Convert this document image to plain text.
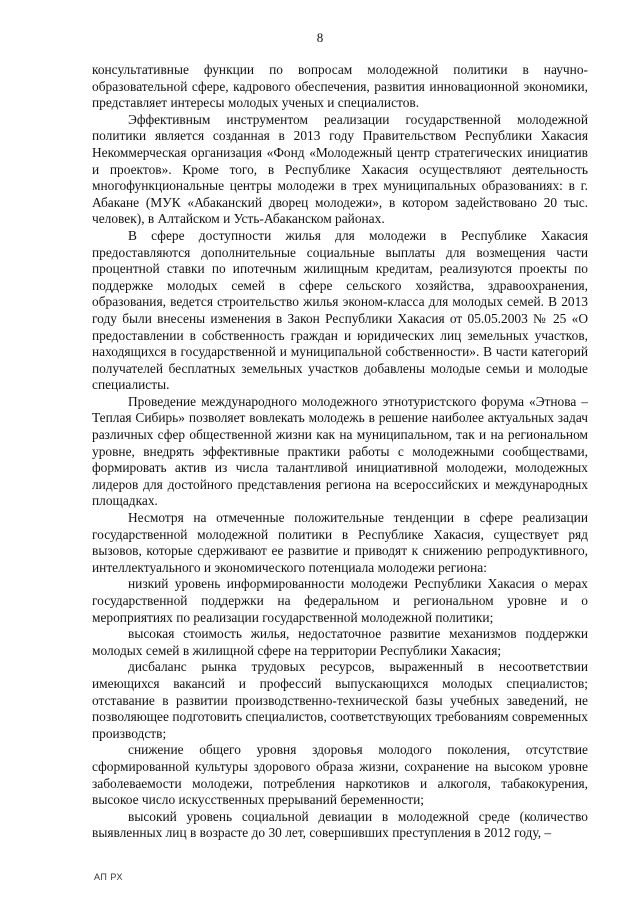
8

консультативные функции по вопросам молодежной политики в научно-образовательной сфере, кадрового обеспечения, развития инновационной экономики, представляет интересы молодых ученых и специалистов.

Эффективным инструментом реализации государственной молодежной политики является созданная в 2013 году Правительством Республики Хакасия Некоммерческая организация «Фонд «Молодежный центр стратегических инициатив и проектов». Кроме того, в Республике Хакасия осуществляют деятельность многофункциональные центры молодежи в трех муниципальных образованиях: в г. Абакане (МУК «Абаканский дворец молодежи», в котором задействовано 20 тыс. человек), в Алтайском и Усть-Абаканском районах.

В сфере доступности жилья для молодежи в Республике Хакасия предоставляются дополнительные социальные выплаты для возмещения части процентной ставки по ипотечным жилищным кредитам, реализуются проекты по поддержке молодых семей в сфере сельского хозяйства, здравоохранения, образования, ведется строительство жилья эконом-класса для молодых семей. В 2013 году были внесены изменения в Закон Республики Хакасия от 05.05.2003 № 25 «О предоставлении в собственность граждан и юридических лиц земельных участков, находящихся в государственной и муниципальной собственности». В части категорий получателей бесплатных земельных участков добавлены молодые семьи и молодые специалисты.

Проведение международного молодежного этнотуристского форума «Этнова – Теплая Сибирь» позволяет вовлекать молодежь в решение наиболее актуальных задач различных сфер общественной жизни как на муниципальном, так и на региональном уровне, внедрять эффективные практики работы с молодежными сообществами, формировать актив из числа талантливой инициативной молодежи, молодежных лидеров для достойного представления региона на всероссийских и международных площадках.

Несмотря на отмеченные положительные тенденции в сфере реализации государственной молодежной политики в Республике Хакасия, существует ряд вызовов, которые сдерживают ее развитие и приводят к снижению репродуктивного, интеллектуального и экономического потенциала молодежи региона:

низкий уровень информированности молодежи Республики Хакасия о мерах государственной поддержки на федеральном и региональном уровне и о мероприятиях по реализации государственной молодежной политики;

высокая стоимость жилья, недостаточное развитие механизмов поддержки молодых семей в жилищной сфере на территории Республики Хакасия;

дисбаланс рынка трудовых ресурсов, выраженный в несоответствии имеющихся вакансий и профессий выпускающихся молодых специалистов; отставание в развитии производственно-технической базы учебных заведений, не позволяющее подготовить специалистов, соответствующих требованиям современных производств;

снижение общего уровня здоровья молодого поколения, отсутствие сформированной культуры здорового образа жизни, сохранение на высоком уровне заболеваемости молодежи, потребления наркотиков и алкоголя, табакокурения, высокое число искусственных прерываний беременности;

высокий уровень социальной девиации в молодежной среде (количество выявленных лиц в возрасте до 30 лет, совершивших преступления в 2012 году, –

АП РХ
